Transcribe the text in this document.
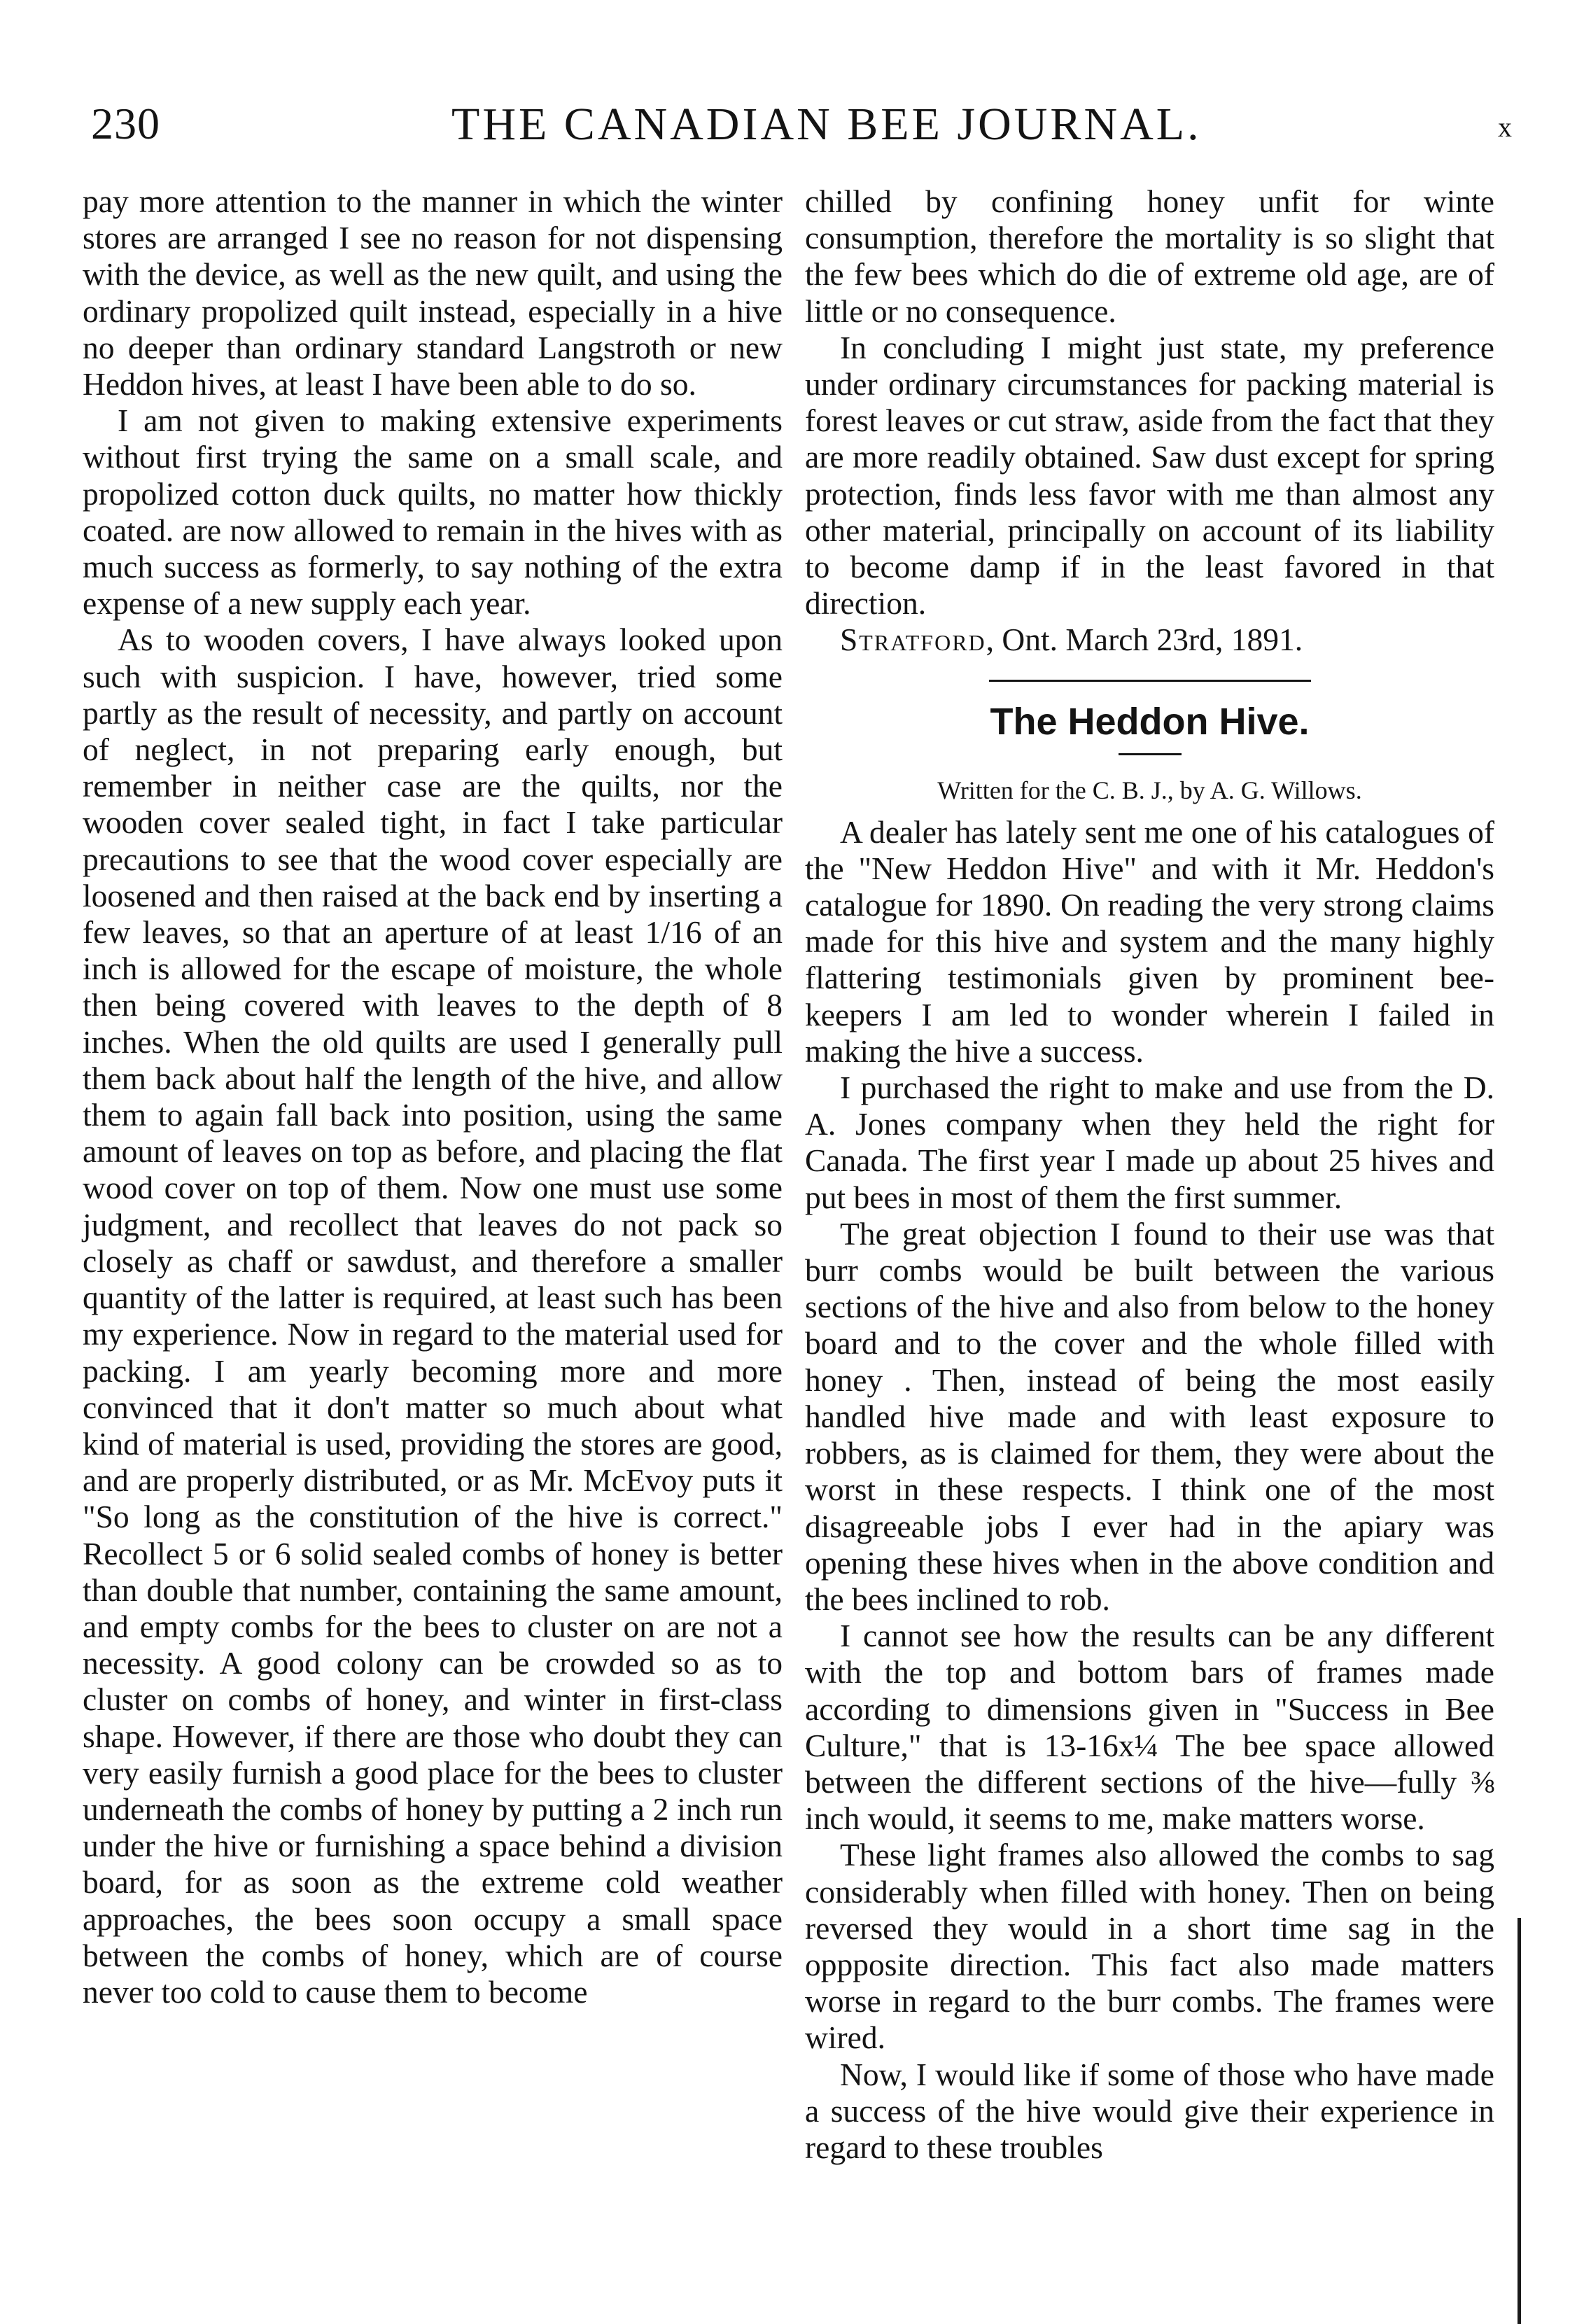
230	THE CANADIAN BEE JOURNAL.	x

pay more attention to the manner in which the winter stores are arranged I see no reason for not dispensing with the device, as well as the new quilt, and using the ordinary propolized quilt instead, especially in a hive no deeper than ordinary standard Langstroth or new Heddon hives, at least I have been able to do so.

I am not given to making extensive experiments without first trying the same on a small scale, and propolized cotton duck quilts, no matter how thickly coated. are now allowed to remain in the hives with as much success as formerly, to say nothing of the extra expense of a new supply each year.

As to wooden covers, I have always looked upon such with suspicion. I have, however, tried some partly as the result of necessity, and partly on account of neglect, in not preparing early enough, but remember in neither case are the quilts, nor the wooden cover sealed tight, in fact I take particular precautions to see that the wood cover especially are loosened and then raised at the back end by inserting a few leaves, so that an aperture of at least 1/16 of an inch is allowed for the escape of moisture, the whole then being covered with leaves to the depth of 8 inches. When the old quilts are used I generally pull them back about half the length of the hive, and allow them to again fall back into position, using the same amount of leaves on top as before, and placing the flat wood cover on top of them. Now one must use some judgment, and recollect that leaves do not pack so closely as chaff or sawdust, and therefore a smaller quantity of the latter is required, at least such has been my experience. Now in regard to the material used for packing. I am yearly becoming more and more convinced that it don't matter so much about what kind of material is used, providing the stores are good, and are properly distributed, or as Mr. McEvoy puts it "So long as the constitution of the hive is correct." Recollect 5 or 6 solid sealed combs of honey is better than double that number, containing the same amount, and empty combs for the bees to cluster on are not a necessity. A good colony can be crowded so as to cluster on combs of honey, and winter in first-class shape. However, if there are those who doubt they can very easily furnish a good place for the bees to cluster underneath the combs of honey by putting a 2 inch run under the hive or furnishing a space behind a division board, for as soon as the extreme cold weather approaches, the bees soon occupy a small space between the combs of honey, which are of course never too cold to cause them to become

chilled by confining honey unfit for winte consumption, therefore the mortality is so slight that the few bees which do die of extreme old age, are of little or no consequence.

In concluding I might just state, my preference under ordinary circumstances for packing material is forest leaves or cut straw, aside from the fact that they are more readily obtained. Saw dust except for spring protection, finds less favor with me than almost any other material, principally on account of its liability to become damp if in the least favored in that direction.

Stratford, Ont. March 23rd, 1891.

The Heddon Hive.
Written for the C. B. J., by A. G. Willows.

A dealer has lately sent me one of his catalogues of the "New Heddon Hive" and with it Mr. Heddon's catalogue for 1890. On reading the very strong claims made for this hive and system and the many highly flattering testimonials given by prominent bee-keepers I am led to wonder wherein I failed in making the hive a success.

I purchased the right to make and use from the D. A. Jones company when they held the right for Canada. The first year I made up about 25 hives and put bees in most of them the first summer.

The great objection I found to their use was that burr combs would be built between the various sections of the hive and also from below to the honey board and to the cover and the whole filled with honey . Then, instead of being the most easily handled hive made and with least exposure to robbers, as is claimed for them, they were about the worst in these respects. I think one of the most disagreeable jobs I ever had in the apiary was opening these hives when in the above condition and the bees inclined to rob.

I cannot see how the results can be any different with the top and bottom bars of frames made according to dimensions given in "Success in Bee Culture," that is 13-16x¼ The bee space allowed between the different sections of the hive—fully ⅜ inch would, it seems to me, make matters worse.

These light frames also allowed the combs to sag considerably when filled with honey. Then on being reversed they would in a short time sag in the oppposite direction. This fact also made matters worse in regard to the burr combs. The frames were wired.

Now, I would like if some of those who have made a success of the hive would give their experience in regard to these troubles
